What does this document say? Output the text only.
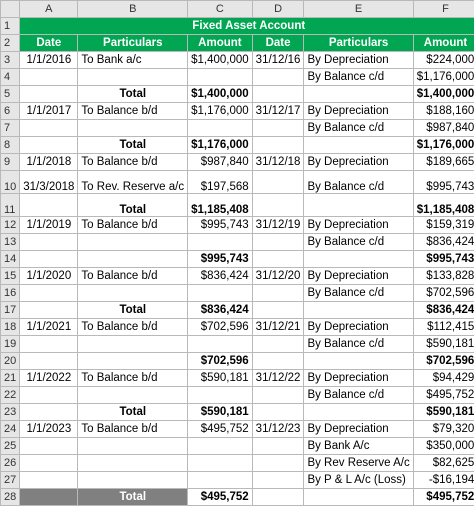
	A	B	C	D	E	F
1	Fixed Asset Account					
2	Date	Particulars	Amount	Date	Particulars	Amount
3	1/1/2016	To Bank a/c	$1,400,000	31/12/16	By Depreciation	$224,000
4					By Balance c/d	$1,176,000
5		Total	$1,400,000			$1,400,000
6	1/1/2017	To Balance b/d	$1,176,000	31/12/17	By Depreciation	$188,160
7					By Balance c/d	$987,840
8		Total	$1,176,000			$1,176,000
9	1/1/2018	To Balance b/d	$987,840	31/12/18	By Depreciation	$189,665
10	31/3/2018	To Rev. Reserve a/c	$197,568		By Balance c/d	$995,743
11		Total	$1,185,408			$1,185,408
12	1/1/2019	To Balance b/d	$995,743	31/12/19	By Depreciation	$159,319
13					By Balance c/d	$836,424
14			$995,743			$995,743
15	1/1/2020	To Balance b/d	$836,424	31/12/20	By Depreciation	$133,828
16					By Balance c/d	$702,596
17		Total	$836,424			$836,424
18	1/1/2021	To Balance b/d	$702,596	31/12/21	By Depreciation	$112,415
19					By Balance c/d	$590,181
20			$702,596			$702,596
21	1/1/2022	To Balance b/d	$590,181	31/12/22	By Depreciation	$94,429
22					By Balance c/d	$495,752
23		Total	$590,181			$590,181
24	1/1/2023	To Balance b/d	$495,752	31/12/23	By Depreciation	$79,320
25					By Bank A/c	$350,000
26					By Rev Reserve A/c	$82,625
27					By P & L A/c (Loss)	-$16,194
28		Total	$495,752			$495,752
